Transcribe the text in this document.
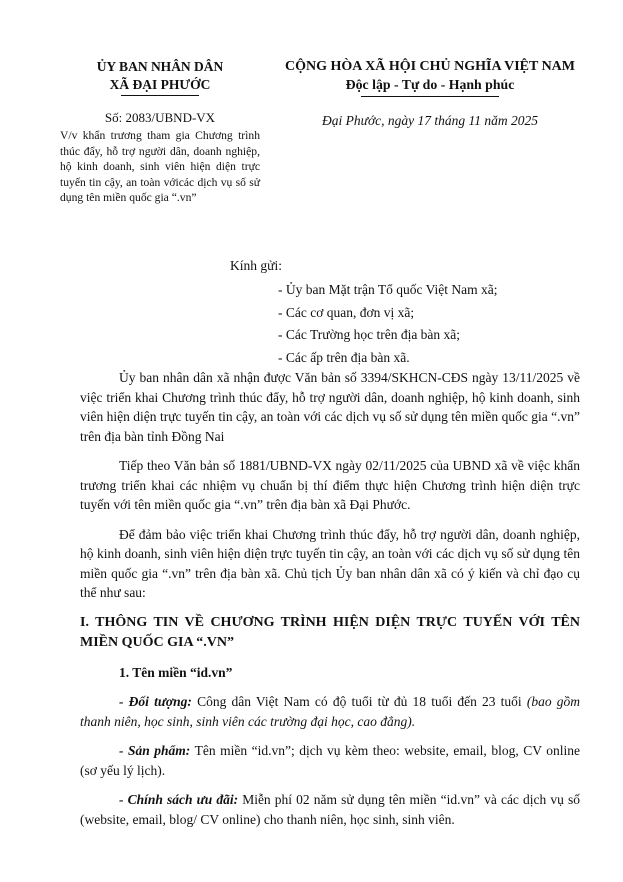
ỦY BAN NHÂN DÂN
XÃ ĐẠI PHƯỚC
Số: 2083/UBND-VX
V/v khẩn trương tham gia Chương trình thúc đẩy, hỗ trợ người dân, doanh nghiệp, hộ kinh doanh, sinh viên hiện diện trực tuyến tin cậy, an toàn vớicác dịch vụ số sử dụng tên miền quốc gia “.vn”
CỘNG HÒA XÃ HỘI CHỦ NGHĨA VIỆT NAM
Độc lập - Tự do - Hạnh phúc
Đại Phước, ngày 17 tháng 11 năm 2025
Kính gửi:
- Ủy ban Mặt trận Tổ quốc Việt Nam xã;
- Các cơ quan, đơn vị xã;
- Các Trường học trên địa bàn xã;
- Các ấp trên địa bàn xã.

Ủy ban nhân dân xã nhận được Văn bản số 3394/SKHCN-CĐS ngày 13/11/2025 về việc triển khai Chương trình thúc đẩy, hỗ trợ người dân, doanh nghiệp, hộ kinh doanh, sinh viên hiện diện trực tuyến tin cậy, an toàn với các dịch vụ số sử dụng tên miền quốc gia “.vn” trên địa bàn tỉnh Đồng Nai

Tiếp theo Văn bản số 1881/UBND-VX ngày 02/11/2025 của UBND xã về việc khẩn trương triển khai các nhiệm vụ chuẩn bị thí điểm thực hiện Chương trình hiện diện trực tuyến với tên miền quốc gia “.vn” trên địa bàn xã Đại Phước.

Để đảm bảo việc triển khai Chương trình thúc đẩy, hỗ trợ người dân, doanh nghiệp, hộ kinh doanh, sinh viên hiện diện trực tuyến tin cậy, an toàn với các dịch vụ số sử dụng tên miền quốc gia “.vn” trên địa bàn xã. Chủ tịch Ủy ban nhân dân xã có ý kiến và chỉ đạo cụ thể như sau:

I. THÔNG TIN VỀ CHƯƠNG TRÌNH HIỆN DIỆN TRỰC TUYẾN VỚI TÊN MIỀN QUỐC GIA “.VN”

1. Tên miền “id.vn”

- Đối tượng: Công dân Việt Nam có độ tuổi từ đủ 18 tuổi đến 23 tuổi (bao gồm thanh niên, học sinh, sinh viên các trường đại học, cao đẳng).

- Sản phẩm: Tên miền “id.vn”; dịch vụ kèm theo: website, email, blog, CV online (sơ yếu lý lịch).

- Chính sách ưu đãi: Miễn phí 02 năm sử dụng tên miền “id.vn” và các dịch vụ số (website, email, blog/ CV online) cho thanh niên, học sinh, sinh viên.
